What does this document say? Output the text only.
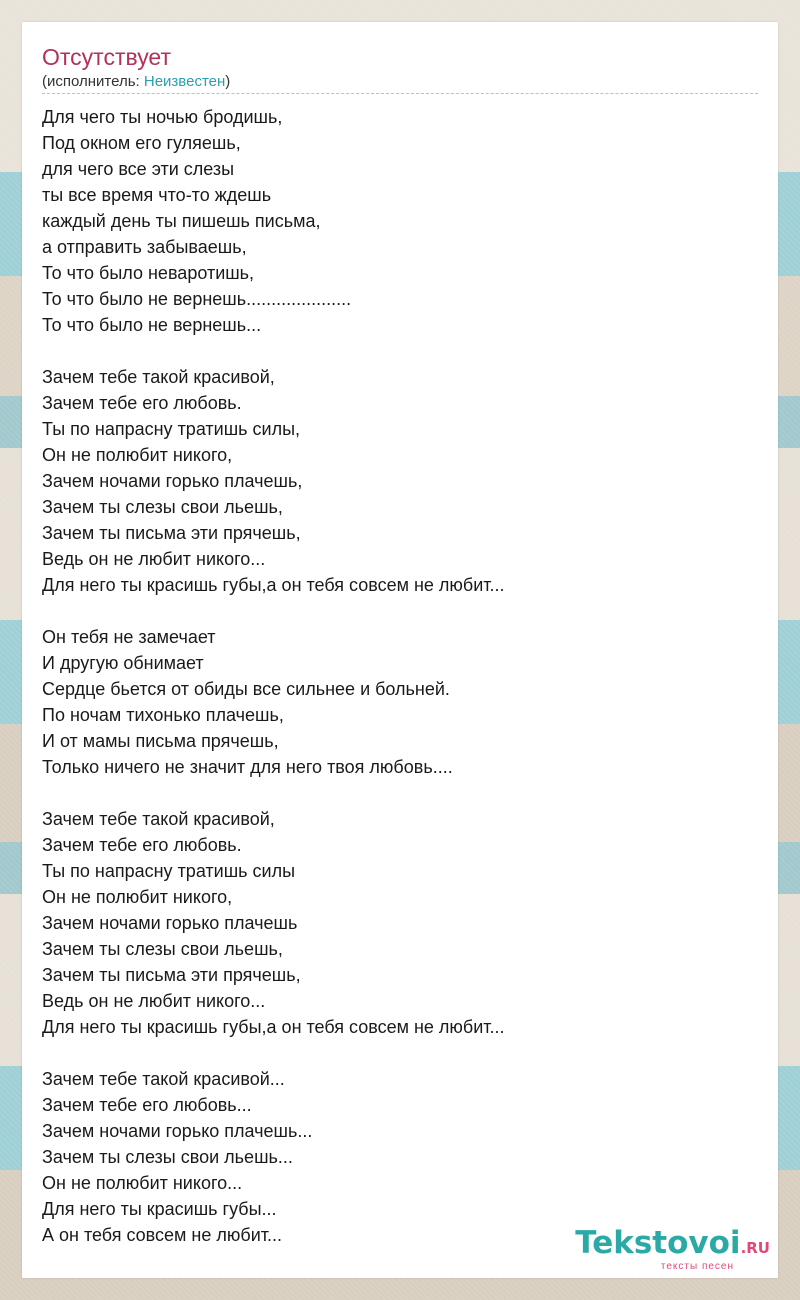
Отсутствует
(исполнитель: Неизвестен)
Для чего ты ночью бродишь,
Под окном его гуляешь,
для чего все эти слезы
ты все время что-то ждешь
каждый день ты пишешь письма,
а отправить забываешь,
То что было неваротишь,
То что было не вернешь.....................
То что было не вернешь...
Зачем тебе такой красивой,
Зачем тебе его любовь.
Ты по напрасну тратишь силы,
Он не полюбит никого,
Зачем ночами горько плачешь,
Зачем ты слезы свои льешь,
Зачем ты письма эти прячешь,
Ведь он не любит никого...
Для него ты красишь губы,а он тебя совсем не любит...
Он тебя не замечает
И другую обнимает
Сердце бьется от обиды все сильнее и больней.
По ночам тихонько плачешь,
И от мамы письма прячешь,
Только ничего не значит для него твоя любовь....
Зачем тебе такой красивой,
Зачем тебе его любовь.
Ты по напрасну тратишь силы
Он не полюбит никого,
Зачем ночами горько плачешь
Зачем ты слезы свои льешь,
Зачем ты письма эти прячешь,
Ведь он не любит никого...
Для него ты красишь губы,а он тебя совсем не любит...
Зачем тебе такой красивой...
Зачем тебе его любовь...
Зачем ночами горько плачешь...
Зачем ты слезы свои льешь...
Он не полюбит никого...
Для него ты красишь губы...
А он тебя совсем не любит...	Tekstovoi.RU
тексты песен
